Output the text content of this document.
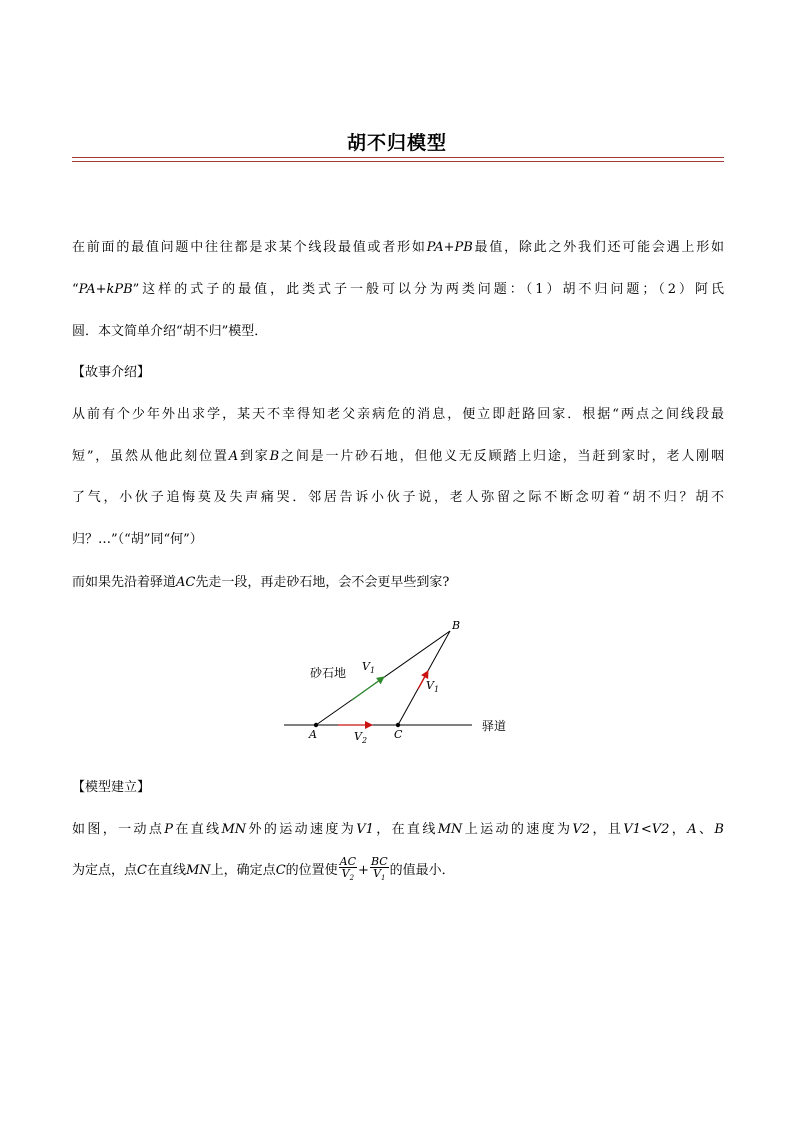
胡不归模型
在前面的最值问题中往往都是求某个线段最值或者形如PA+PB最值，除此之外我们还可能会遇上形如
“PA+kPB”这样的式子的最值，此类式子一般可以分为两类问题：（1）胡不归问题；（2）阿氏
圆．本文简单介绍“胡不归”模型．
【故事介绍】
从前有个少年外出求学，某天不幸得知老父亲病危的消息，便立即赶路回家．根据“两点之间线段最
短”，虽然从他此刻位置A到家B之间是一片砂石地，但他义无反顾踏上归途，当赶到家时，老人刚咽
了气，小伙子追悔莫及失声痛哭．邻居告诉小伙子说，老人弥留之际不断念叨着“胡不归？胡不
归？…”（“胡”同“何”）
而如果先沿着驿道AC先走一段，再走砂石地，会不会更早些到家?
A	C
B
砂石地
驿道
$V_1$
$V_1$
$V_2$
【模型建立】
如图，一动点P在直线MN外的运动速度为V1，在直线MN上运动的速度为V2，且V1<V2，A、B
为定点，点C在直线MN上，确定点C的位置使 $\frac{AC}{V_2} + \frac{BC}{V_1}$ 的值最小．
